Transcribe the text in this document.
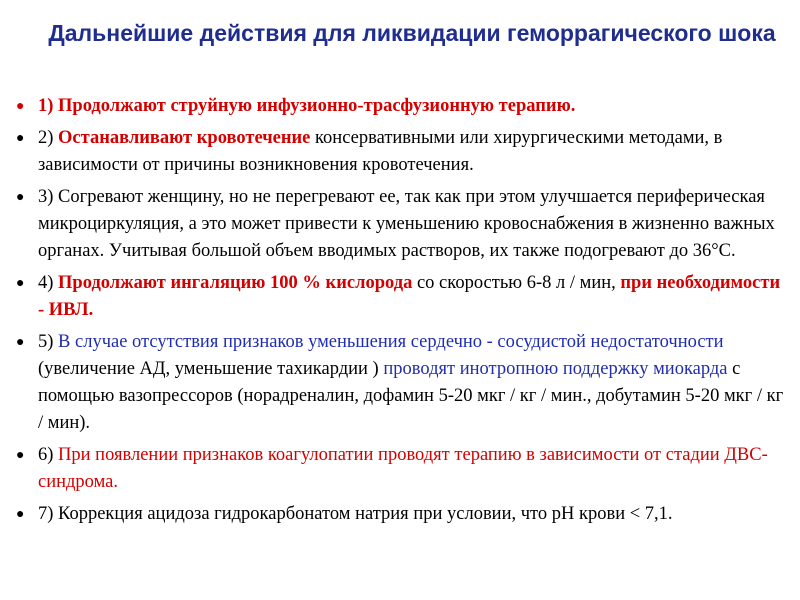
Дальнейшие действия для ликвидации геморрагического шока
● 1) Продолжают струйную инфузионно-трасфузионную терапию.
● 2) Останавливают кровотечение консервативными или хирургическими методами, в зависимости от причины возникновения кровотечения.
● 3) Согревают женщину, но не перегревают ее, так как при этом улучшается периферическая микроциркуляция, а это может привести к уменьшению кровоснабжения в жизненно важных органах. Учитывая большой объем вводимых растворов, их также подогревают до 36°С.
● 4) Продолжают ингаляцию 100 % кислорода со скоростью 6-8 л / мин, при необходимости - ИВЛ.
● 5) В случае отсутствия признаков уменьшения сердечно - сосудистой недостаточности (увеличение АД, уменьшение тахикардии ) проводят инотропною поддержку миокарда с помощью вазопрессоров (норадреналин, дофамин 5-20 мкг / кг / мин., добутамин 5-20 мкг / кг / мин).
● 6) При появлении признаков коагулопатии проводят терапию в зависимости от стадии ДВС-синдрома.
● 7) Коррекция ацидоза гидрокарбонатом натрия при условии, что рН крови < 7,1.
